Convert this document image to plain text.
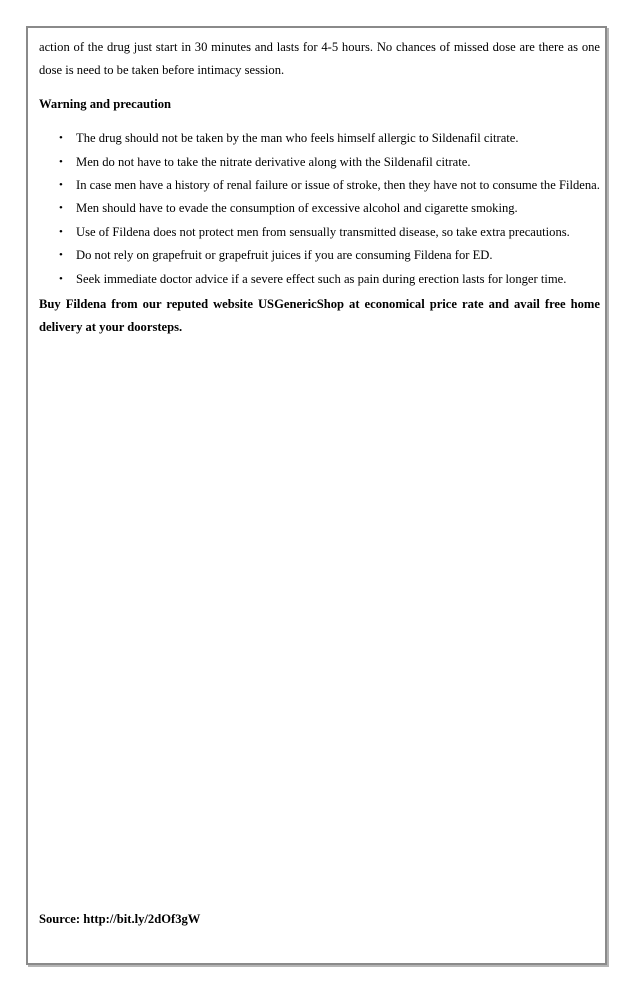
action of the drug just start in 30 minutes and lasts for 4-5 hours. No chances of missed dose are there as one dose is need to be taken before intimacy session.

Warning and precaution

• The drug should not be taken by the man who feels himself allergic to Sildenafil citrate.
• Men do not have to take the nitrate derivative along with the Sildenafil citrate.
• In case men have a history of renal failure or issue of stroke, then they have not to consume the Fildena.
• Men should have to evade the consumption of excessive alcohol and cigarette smoking.
• Use of Fildena does not protect men from sensually transmitted disease, so take extra precautions.
• Do not rely on grapefruit or grapefruit juices if you are consuming Fildena for ED.
• Seek immediate doctor advice if a severe effect such as pain during erection lasts for longer time.

Buy Fildena from our reputed website USGenericShop at economical price rate and avail free home delivery at your doorsteps.

Source: http://bit.ly/2dOf3gW
